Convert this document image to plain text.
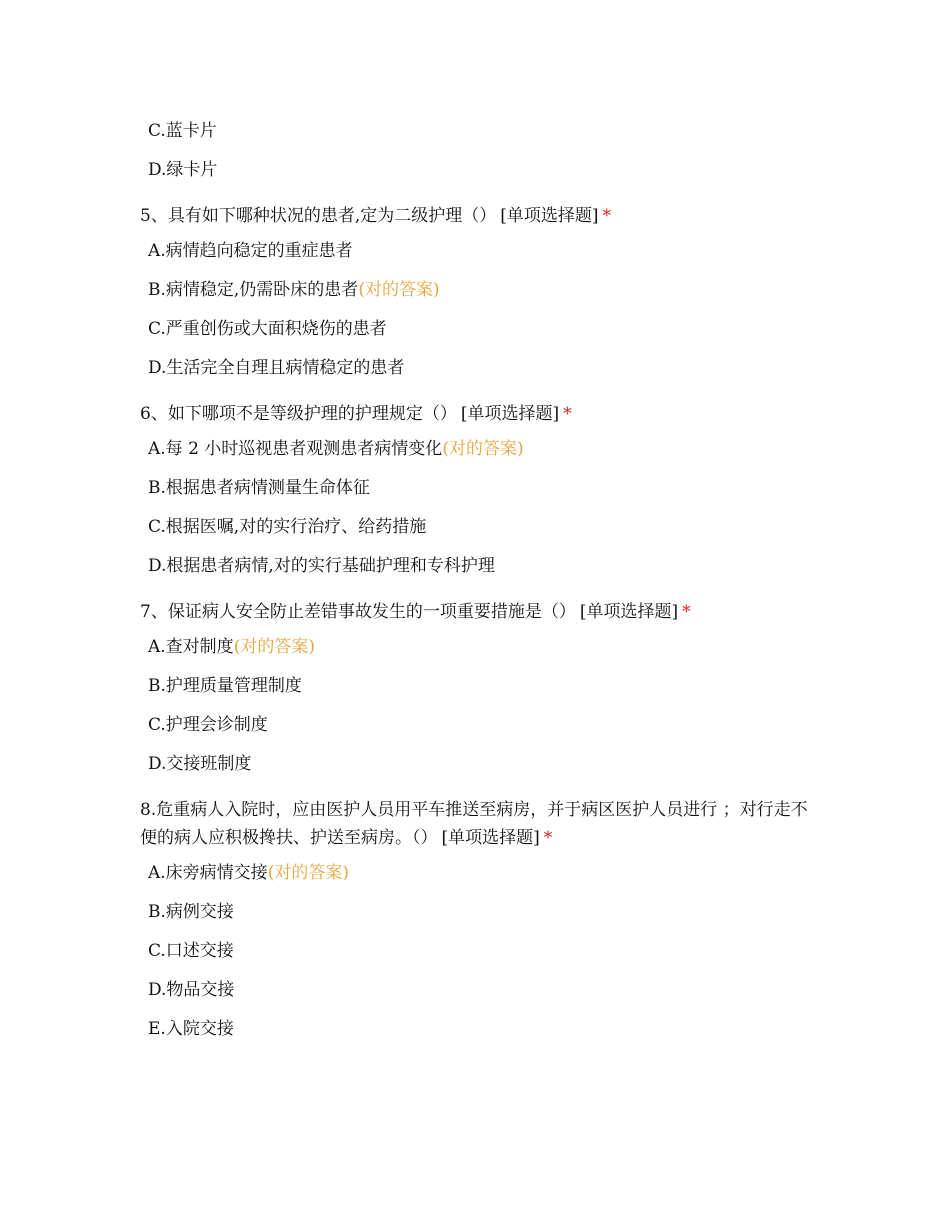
C.蓝卡片
D.绿卡片
5、具有如下哪种状况的患者,定为二级护理（） [单项选择题] *
A.病情趋向稳定的重症患者
B.病情稳定,仍需卧床的患者(对的答案)
C.严重创伤或大面积烧伤的患者
D.生活完全自理且病情稳定的患者
6、如下哪项不是等级护理的护理规定（） [单项选择题] *
A.每 2 小时巡视患者观测患者病情变化(对的答案)
B.根据患者病情测量生命体征
C.根据医嘱,对的实行治疗、给药措施
D.根据患者病情,对的实行基础护理和专科护理
7、保证病人安全防止差错事故发生的一项重要措施是（） [单项选择题] *
A.查对制度(对的答案)
B.护理质量管理制度
C.护理会诊制度
D.交接班制度
8.危重病人入院时，应由医护人员用平车推送至病房，并于病区医护人员进行 ；对行走不便的病人应积极搀扶、护送至病房。（） [单项选择题] *
A.床旁病情交接(对的答案)
B.病例交接
C.口述交接
D.物品交接
E.入院交接
